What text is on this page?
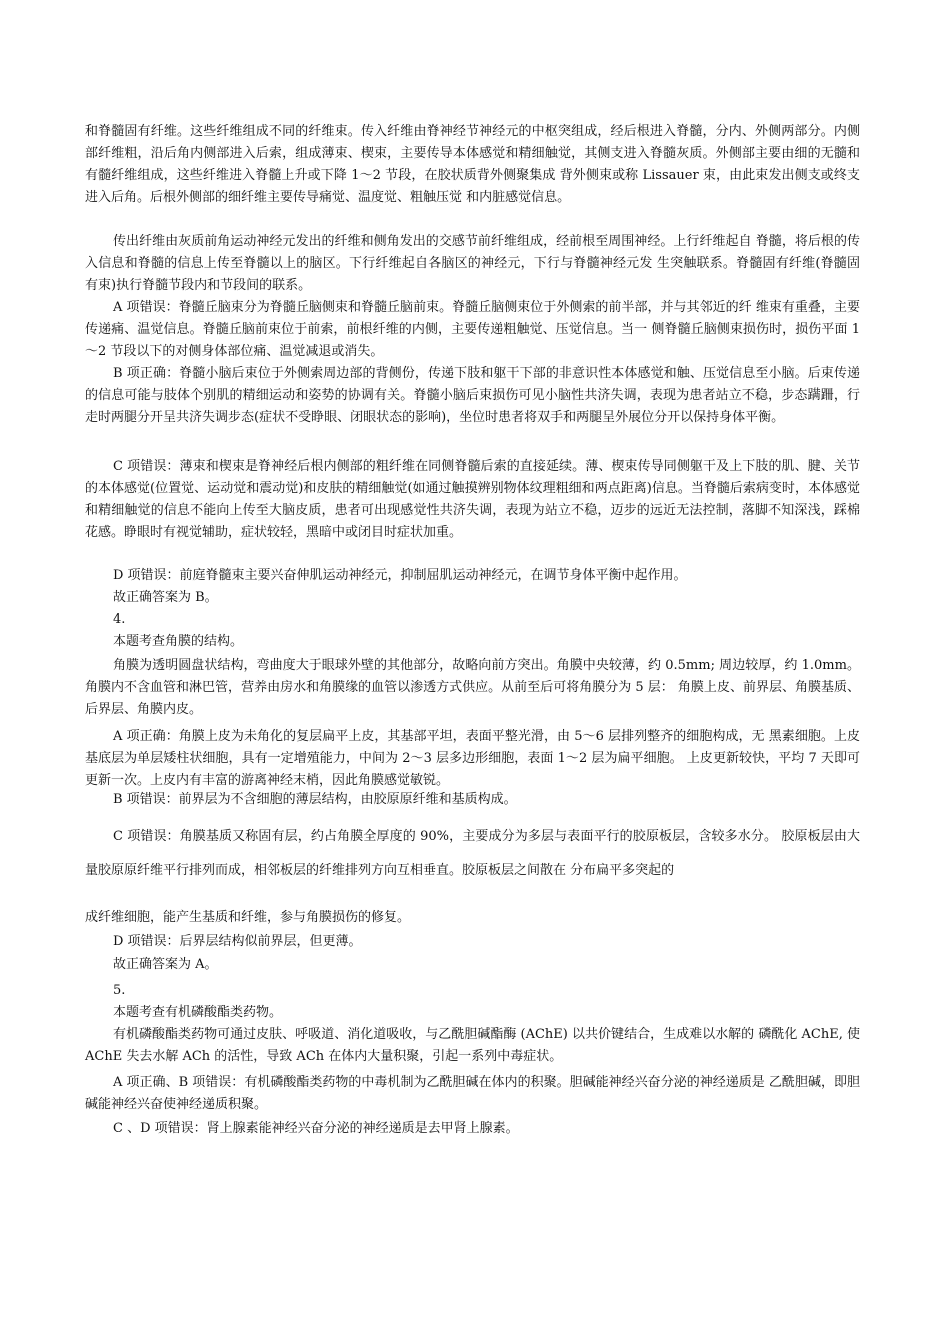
和脊髓固有纤维。这些纤维组成不同的纤维束。传入纤维由脊神经节神经元的中枢突组成，经后根进入脊髓，分内、外侧两部分。内侧部纤维粗，沿后角内侧部进入后索，组成薄束、楔束，主要传导本体感觉和精细触觉，其侧支进入脊髓灰质。外侧部主要由细的无髓和有髓纤维组成，这些纤维进入脊髓上升或下降 1～2 节段，在胶状质背外侧聚集成 背外侧束或称 Lissauer 束，由此束发出侧支或终支进入后角。后根外侧部的细纤维主要传导痛觉、温度觉、粗触压觉 和内脏感觉信息。

传出纤维由灰质前角运动神经元发出的纤维和侧角发出的交感节前纤维组成，经前根至周围神经。上行纤维起自 脊髓，将后根的传入信息和脊髓的信息上传至脊髓以上的脑区。下行纤维起自各脑区的神经元，下行与脊髓神经元发 生突触联系。脊髓固有纤维(脊髓固有束)执行脊髓节段内和节段间的联系。

A 项错误：脊髓丘脑束分为脊髓丘脑侧束和脊髓丘脑前束。脊髓丘脑侧束位于外侧索的前半部，并与其邻近的纤 维束有重叠，主要传递痛、温觉信息。脊髓丘脑前束位于前索，前根纤维的内侧，主要传递粗触觉、压觉信息。当一 侧脊髓丘脑侧束损伤时，损伤平面 1～2 节段以下的对侧身体部位痛、温觉减退或消失。

B 项正确：脊髓小脑后束位于外侧索周边部的背侧份，传递下肢和躯干下部的非意识性本体感觉和触、压觉信息至小脑。后束传递的信息可能与肢体个别肌的精细运动和姿势的协调有关。脊髓小脑后束损伤可见小脑性共济失调，表现为患者站立不稳，步态蹒跚，行走时两腿分开呈共济失调步态(症状不受睁眼、闭眼状态的影响)，坐位时患者将双手和两腿呈外展位分开以保持身体平衡。

C 项错误：薄束和楔束是脊神经后根内侧部的粗纤维在同侧脊髓后索的直接延续。薄、楔束传导同侧躯干及上下肢的肌、腱、关节的本体感觉(位置觉、运动觉和震动觉)和皮肤的精细触觉(如通过触摸辨别物体纹理粗细和两点距离)信息。当脊髓后索病变时，本体感觉和精细触觉的信息不能向上传至大脑皮质，患者可出现感觉性共济失调，表现为站立不稳，迈步的远近无法控制，落脚不知深浅，踩棉花感。睁眼时有视觉辅助，症状较轻，黑暗中或闭目时症状加重。

D 项错误：前庭脊髓束主要兴奋伸肌运动神经元，抑制屈肌运动神经元，在调节身体平衡中起作用。

故正确答案为 B。

4.

本题考查角膜的结构。

角膜为透明圆盘状结构，弯曲度大于眼球外壁的其他部分，故略向前方突出。角膜中央较薄，约 0.5mm; 周边较厚，约 1.0mm。角膜内不含血管和淋巴管，营养由房水和角膜缘的血管以渗透方式供应。从前至后可将角膜分为 5 层： 角膜上皮、前界层、角膜基质、后界层、角膜内皮。

A 项正确：角膜上皮为未角化的复层扁平上皮，其基部平坦，表面平整光滑，由 5～6 层排列整齐的细胞构成，无 黑素细胞。上皮基底层为单层矮柱状细胞，具有一定增殖能力，中间为 2～3 层多边形细胞，表面 1～2 层为扁平细胞。 上皮更新较快，平均 7 天即可更新一次。上皮内有丰富的游离神经末梢，因此角膜感觉敏锐。

B 项错误：前界层为不含细胞的薄层结构，由胶原原纤维和基质构成。

C 项错误：角膜基质又称固有层，约占角膜全厚度的 90%，主要成分为多层与表面平行的胶原板层，含较多水分。 胶原板层由大量胶原原纤维平行排列而成，相邻板层的纤维排列方向互相垂直。胶原板层之间散在 分布扁平多突起的

成纤维细胞，能产生基质和纤维，参与角膜损伤的修复。

D 项错误：后界层结构似前界层，但更薄。

故正确答案为 A。

5.

本题考查有机磷酸酯类药物。

有机磷酸酯类药物可通过皮肤、呼吸道、消化道吸收，与乙酰胆碱酯酶 (AChE) 以共价键结合，生成难以水解的 磷酰化 AChE, 使 AChE 失去水解 ACh 的活性，导致 ACh 在体内大量积聚，引起一系列中毒症状。

A 项正确、B 项错误：有机磷酸酯类药物的中毒机制为乙酰胆碱在体内的积聚。胆碱能神经兴奋分泌的神经递质是 乙酰胆碱，即胆碱能神经兴奋使神经递质积聚。

C 、D 项错误：肾上腺素能神经兴奋分泌的神经递质是去甲肾上腺素。
